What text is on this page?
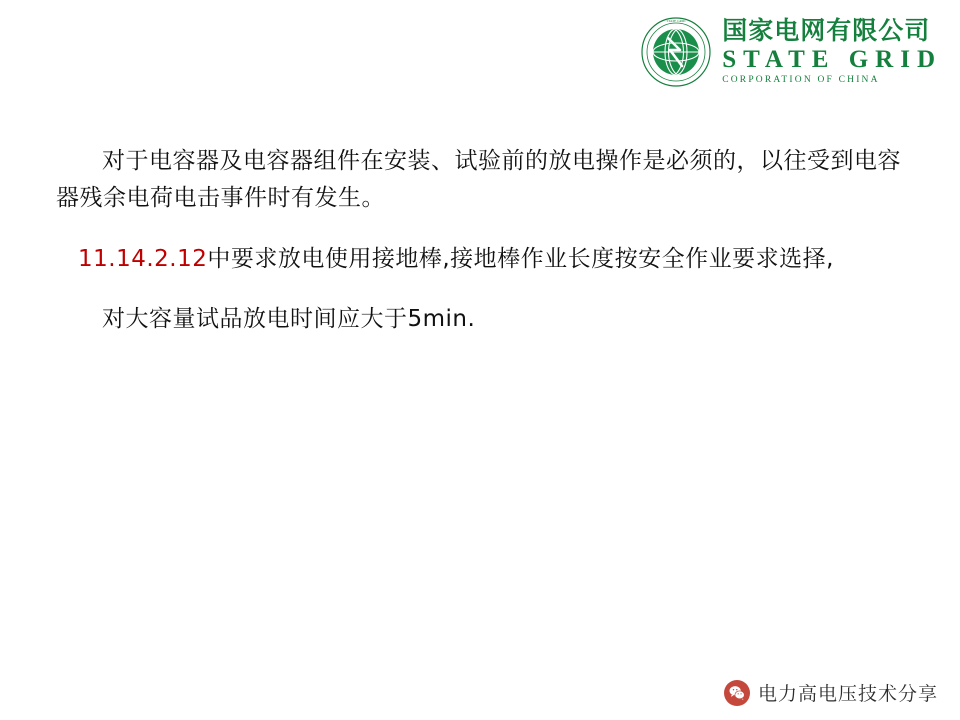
STATE GRID 国家电网有限公司
STATE GRID
CORPORATION OF CHINA

对于电容器及电容器组件在安装、试验前的放电操作是必须的，以往受到电容器残余电荷电击事件时有发生。

11.14.2.12中要求放电使用接地棒,接地棒作业长度按安全作业要求选择,

对大容量试品放电时间应大于5min.

电力高电压技术分享
